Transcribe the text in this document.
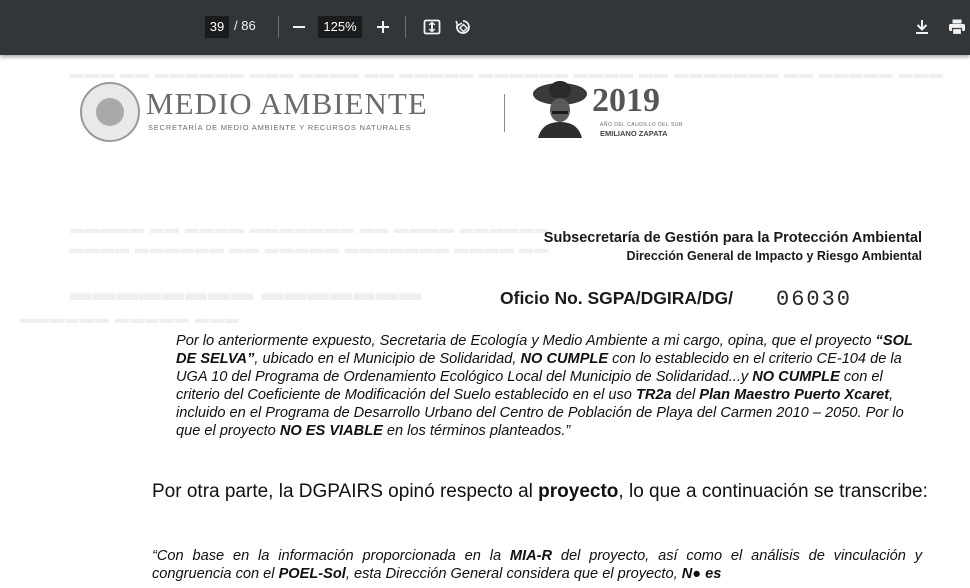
39
/ 86
125%
▬▬▬ ▬▬ ▬▬▬▬▬▬ ▬▬▬ ▬▬▬▬ ▬▬ ▬▬▬▬▬ ▬▬▬▬▬▬ ▬▬▬▬ ▬▬ ▬▬▬▬▬▬▬ ▬▬ ▬▬▬▬▬ ▬▬▬
▬▬▬▬▬ ▬▬ ▬▬▬▬ ▬▬▬▬▬▬▬ ▬▬ ▬▬▬▬ ▬▬▬▬▬▬
▬▬▬▬ ▬▬▬▬▬▬ ▬▬ ▬▬▬▬▬ ▬▬▬▬▬▬▬ ▬▬▬▬ ▬▬
▬▬▬▬▬▬▬▬ ▬▬▬▬▬▬▬
▬▬▬▬▬▬ ▬▬▬▬▬ ▬▬▬
MEDIO AMBIENTE
SECRETARÍA DE MEDIO AMBIENTE Y RECURSOS NATURALES
2019
AÑO DEL CAUDILLO DEL SUR
EMILIANO ZAPATA
Subsecretaría de Gestión para la Protección Ambiental
Dirección General de Impacto y Riesgo Ambiental
Oficio No. SGPA/DGIRA/DG/ 06030

Por lo anteriormente expuesto, Secretaria de Ecología y Medio Ambiente a mi cargo, opina, que el proyecto “SOL DE SELVA”, ubicado en el Municipio de Solidaridad, NO CUMPLE con lo establecido en el criterio CE-104 de la UGA 10 del Programa de Ordenamiento Ecológico Local del Municipio de Solidaridad...y NO CUMPLE con el criterio del Coeficiente de Modificación del Suelo establecido en el uso TR2a del Plan Maestro Puerto Xcaret, incluido en el Programa de Desarrollo Urbano del Centro de Población de Playa del Carmen 2010 – 2050. Por lo que el proyecto NO ES VIABLE en los términos planteados.”

Por otra parte, la DGPAIRS opinó respecto al proyecto, lo que a continuación se transcribe:

“Con base en la información proporcionada en la MIA-R del proyecto, así como el análisis de vinculación y congruencia con el POEL-Sol, esta Dirección General considera que el proyecto, N● es
